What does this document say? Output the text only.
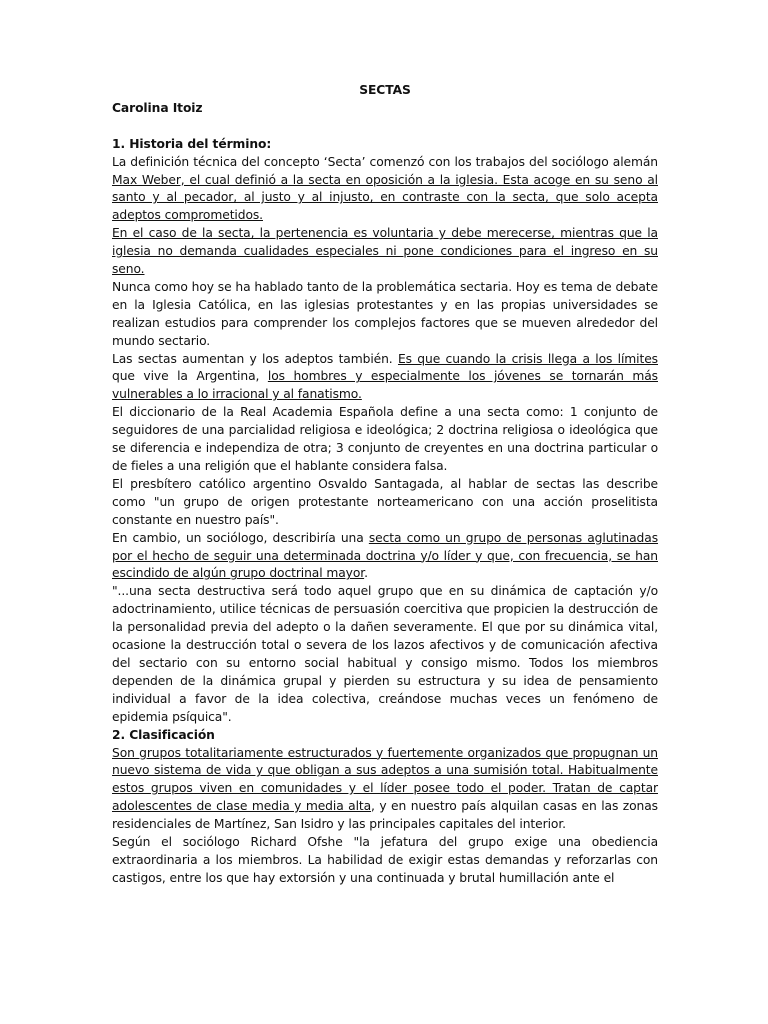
SECTAS

Carolina Itoiz

1. Historia del término:

La definición técnica del concepto ‘Secta’ comenzó con los trabajos del sociólogo alemán Max Weber, el cual definió a la secta en oposición a la iglesia. Esta acoge en su seno al santo y al pecador, al justo y al injusto, en contraste con la secta, que solo acepta adeptos comprometidos.

En el caso de la secta, la pertenencia es voluntaria y debe merecerse, mientras que la iglesia no demanda cualidades especiales ni pone condiciones para el ingreso en su seno.

Nunca como hoy se ha hablado tanto de la problemática sectaria. Hoy es tema de debate en la Iglesia Católica, en las iglesias protestantes y en las propias universidades se realizan estudios para comprender los complejos factores que se mueven alrededor del mundo sectario.

Las sectas aumentan y los adeptos también. Es que cuando la crisis llega a los límites que vive la Argentina, los hombres y especialmente los jóvenes se tornarán más vulnerables a lo irracional y al fanatismo.

El diccionario de la Real Academia Española define a una secta como: 1 conjunto de seguidores de una parcialidad religiosa e ideológica; 2 doctrina religiosa o ideológica que se diferencia e independiza de otra; 3 conjunto de creyentes en una doctrina particular o de fieles a una religión que el hablante considera falsa.

El presbítero católico argentino Osvaldo Santagada, al hablar de sectas las describe como "un grupo de origen protestante norteamericano con una acción proselitista constante en nuestro país".

En cambio, un sociólogo, describiría una secta como un grupo de personas aglutinadas por el hecho de seguir una determinada doctrina y/o líder y que, con frecuencia, se han escindido de algún grupo doctrinal mayor.

"...una secta destructiva será todo aquel grupo que en su dinámica de captación y/o adoctrinamiento, utilice técnicas de persuasión coercitiva que propicien la destrucción de la personalidad previa del adepto o la dañen severamente. El que por su dinámica vital, ocasione la destrucción total o severa de los lazos afectivos y de comunicación afectiva del sectario con su entorno social habitual y consigo mismo. Todos los miembros dependen de la dinámica grupal y pierden su estructura y su idea de pensamiento individual a favor de la idea colectiva, creándose muchas veces un fenómeno de epidemia psíquica".

2. Clasificación

Son grupos totalitariamente estructurados y fuertemente organizados que propugnan un nuevo sistema de vida y que obligan a sus adeptos a una sumisión total. Habitualmente estos grupos viven en comunidades y el líder posee todo el poder. Tratan de captar adolescentes de clase media y media alta, y en nuestro país alquilan casas en las zonas residenciales de Martínez, San Isidro y las principales capitales del interior.

Según el sociólogo Richard Ofshe "la jefatura del grupo exige una obediencia extraordinaria a los miembros. La habilidad de exigir estas demandas y reforzarlas con castigos, entre los que hay extorsión y una continuada y brutal humillación ante el
